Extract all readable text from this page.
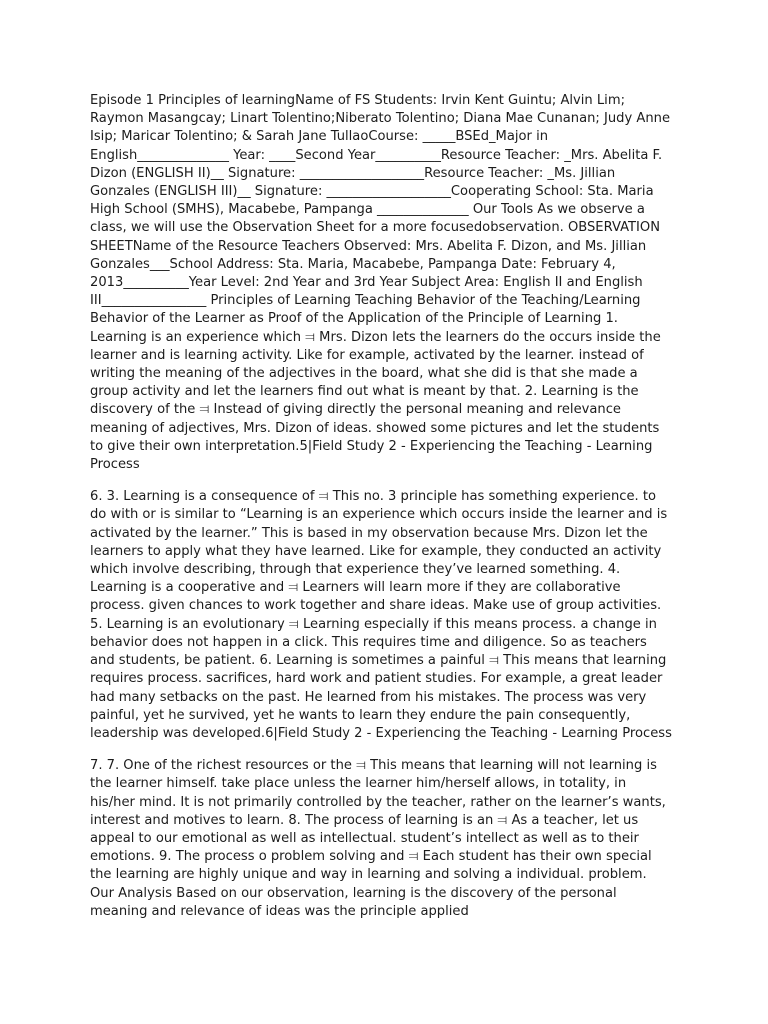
Episode 1 Principles of learningName of FS Students: Irvin Kent Guintu; Alvin Lim; Raymon Masangcay; Linart Tolentino;Niberato Tolentino; Diana Mae Cunanan; Judy Anne Isip; Maricar Tolentino; & Sarah Jane TullaoCourse: _____BSEd_Major in English______________ Year: ____Second Year__________Resource Teacher: _Mrs. Abelita F. Dizon (ENGLISH II)__ Signature: ___________________Resource Teacher: _Ms. Jillian Gonzales (ENGLISH III)__ Signature: ___________________Cooperating School: Sta. Maria High School (SMHS), Macabebe, Pampanga ______________ Our Tools As we observe a class, we will use the Observation Sheet for a more focusedobservation. OBSERVATION SHEETName of the Resource Teachers Observed: Mrs. Abelita F. Dizon, and Ms. Jillian Gonzales___School Address: Sta. Maria, Macabebe, Pampanga Date: February 4, 2013__________Year Level: 2nd Year and 3rd Year Subject Area: English II and English III________________ Principles of Learning Teaching Behavior of the Teaching/Learning Behavior of the Learner as Proof of the Application of the Principle of Learning 1. Learning is an experience which ⫤ Mrs. Dizon lets the learners do the occurs inside the learner and is learning activity. Like for example, activated by the learner. instead of writing the meaning of the adjectives in the board, what she did is that she made a group activity and let the learners find out what is meant by that. 2. Learning is the discovery of the ⫤ Instead of giving directly the personal meaning and relevance meaning of adjectives, Mrs. Dizon of ideas. showed some pictures and let the students to give their own interpretation.5|Field Study 2 - Experiencing the Teaching - Learning Process

6. 3. Learning is a consequence of ⫤ This no. 3 principle has something experience. to do with or is similar to “Learning is an experience which occurs inside the learner and is activated by the learner.” This is based in my observation because Mrs. Dizon let the learners to apply what they have learned. Like for example, they conducted an activity which involve describing, through that experience they’ve learned something. 4. Learning is a cooperative and ⫤ Learners will learn more if they are collaborative process. given chances to work together and share ideas. Make use of group activities. 5. Learning is an evolutionary ⫤ Learning especially if this means process. a change in behavior does not happen in a click. This requires time and diligence. So as teachers and students, be patient. 6. Learning is sometimes a painful ⫤ This means that learning requires process. sacrifices, hard work and patient studies. For example, a great leader had many setbacks on the past. He learned from his mistakes. The process was very painful, yet he survived, yet he wants to learn they endure the pain consequently, leadership was developed.6|Field Study 2 - Experiencing the Teaching - Learning Process

7. 7. One of the richest resources or the ⫤ This means that learning will not learning is the learner himself. take place unless the learner him/herself allows, in totality, in his/her mind. It is not primarily controlled by the teacher, rather on the learner’s wants, interest and motives to learn. 8. The process of learning is an ⫤ As a teacher, let us appeal to our emotional as well as intellectual. student’s intellect as well as to their emotions. 9. The process o problem solving and ⫤ Each student has their own special the learning are highly unique and way in learning and solving a individual. problem. Our Analysis Based on our observation, learning is the discovery of the personal meaning and relevance of ideas was the principle applied
